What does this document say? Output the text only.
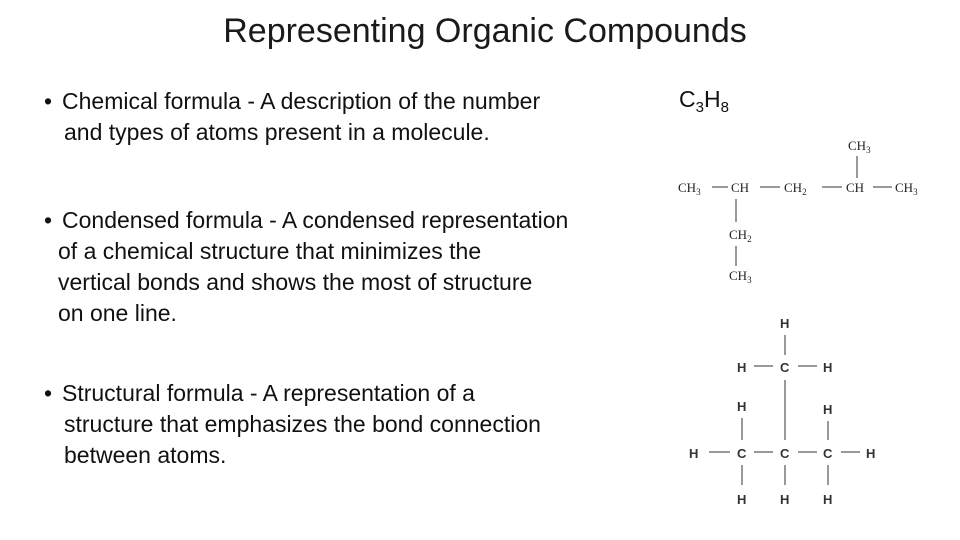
Representing Organic Compounds
• Chemical formula - A description of the number
and types of atoms present in a molecule.
• Condensed formula - A condensed representation
of a chemical structure that minimizes the
vertical bonds and shows the most of structure
on one line.
• Structural formula - A representation of a
structure that emphasizes the bond connection
between atoms.
$C_3H_8$
$CH_3$
$CH_3$ CH	$CH_2$	CH $CH_3$
$CH_2$
$CH_3$
H
H	C	H
H	H
H	C	C	C	H
H	H	H
